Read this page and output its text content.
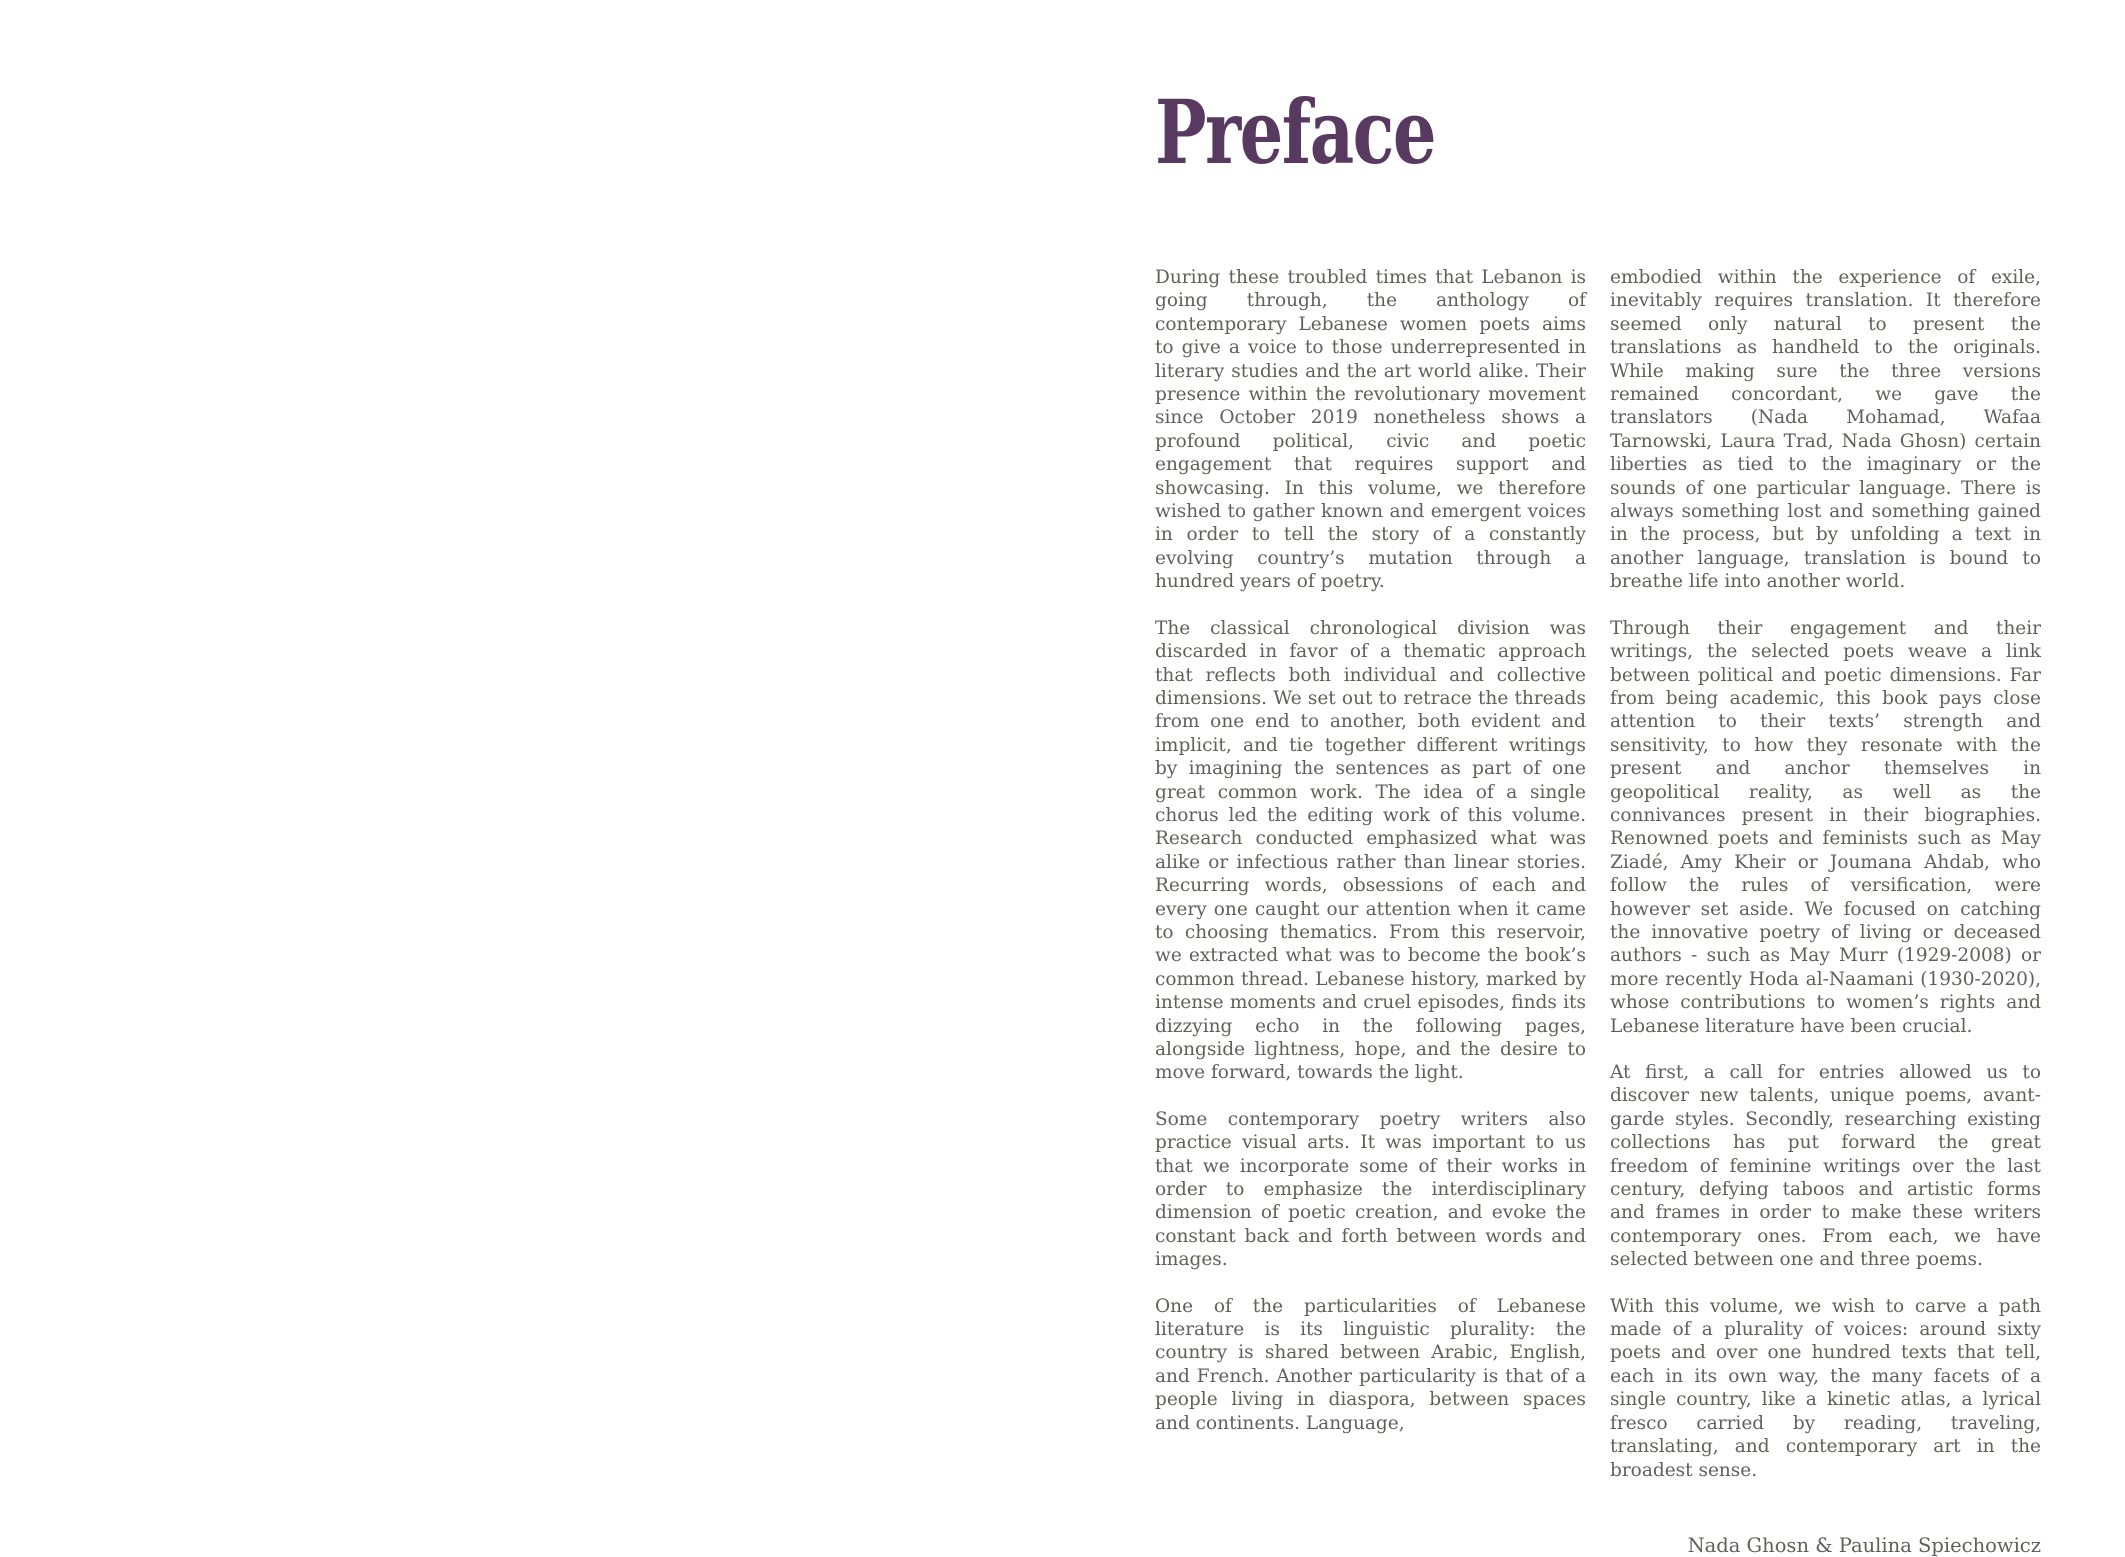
Preface

During these troubled times that Lebanon is going through, the anthology of contemporary Lebanese women poets aims to give a voice to those underrepresented in literary studies and the art world alike. Their presence within the revolutionary movement since October 2019 nonetheless shows a profound political, civic and poetic engagement that requires support and showcasing. In this volume, we therefore wished to gather known and emergent voices in order to tell the story of a constantly evolving country’s mutation through a hundred years of poetry.

The classical chronological division was discarded in favor of a thematic approach that reflects both individual and collective dimensions. We set out to retrace the threads from one end to another, both evident and implicit, and tie together different writings by imagining the sentences as part of one great common work. The idea of a single chorus led the editing work of this volume. Research conducted emphasized what was alike or infectious rather than linear stories. Recurring words, obsessions of each and every one caught our attention when it came to choosing thematics. From this reservoir, we extracted what was to become the book’s common thread. Lebanese history, marked by intense moments and cruel episodes, finds its dizzying echo in the following pages, alongside lightness, hope, and the desire to move forward, towards the light.

Some contemporary poetry writers also practice visual arts. It was important to us that we incorporate some of their works in order to emphasize the interdisciplinary dimension of poetic creation, and evoke the constant back and forth between words and images.

One of the particularities of Lebanese literature is its linguistic plurality: the country is shared between Arabic, English, and French. Another particularity is that of a people living in diaspora, between spaces and continents. Language,

embodied within the experience of exile, inevitably requires translation. It therefore seemed only natural to present the translations as handheld to the originals. While making sure the three versions remained concordant, we gave the translators (Nada Mohamad, Wafaa Tarnowski, Laura Trad, Nada Ghosn) certain liberties as tied to the imaginary or the sounds of one particular language. There is always something lost and something gained in the process, but by unfolding a text in another language, translation is bound to breathe life into another world.

Through their engagement and their writings, the selected poets weave a link between political and poetic dimensions. Far from being academic, this book pays close attention to their texts’ strength and sensitivity, to how they resonate with the present and anchor themselves in geopolitical reality, as well as the connivances present in their biographies. Renowned poets and feminists such as May Ziadé, Amy Kheir or Joumana Ahdab, who follow the rules of versification, were however set aside. We focused on catching the innovative poetry of living or deceased authors - such as May Murr (1929-2008) or more recently Hoda al-Naamani (1930-2020), whose contributions to women’s rights and Lebanese literature have been crucial.

At first, a call for entries allowed us to discover new talents, unique poems, avant-garde styles. Secondly, researching existing collections has put forward the great freedom of feminine writings over the last century, defying taboos and artistic forms and frames in order to make these writers contemporary ones. From each, we have selected between one and three poems.

With this volume, we wish to carve a path made of a plurality of voices: around sixty poets and over one hundred texts that tell, each in its own way, the many facets of a single country, like a kinetic atlas, a lyrical fresco carried by reading, traveling, translating, and contemporary art in the broadest sense.

Nada Ghosn & Paulina Spiechowicz
